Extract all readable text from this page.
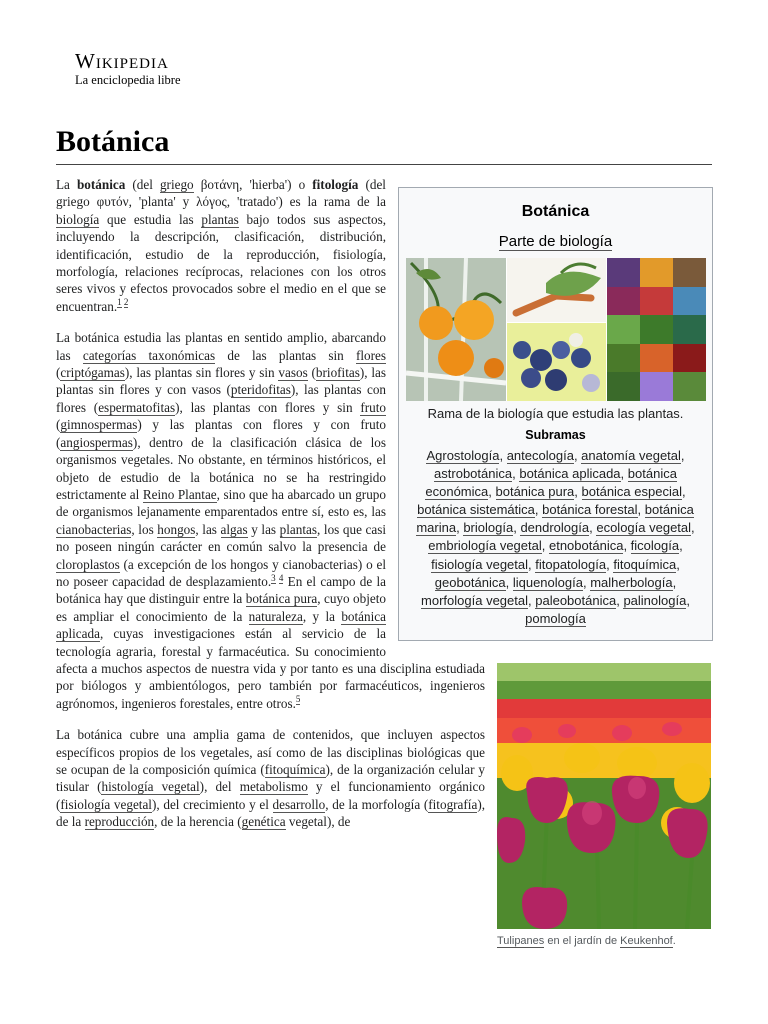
Wikipedia
La enciclopedia libre
Botánica
Botánica
Parte de biología
Rama de la biología que estudia las plantas.
Subramas
Agrostología, antecología, anatomía vegetal, astrobotánica, botánica aplicada, botánica económica, botánica pura, botánica especial, botánica sistemática, botánica forestal, botánica marina, briología, dendrología, ecología vegetal, embriología vegetal, etnobotánica, ficología, fisiología vegetal, fitopatología, fitoquímica, geobotánica, liquenología, malherbología, morfología vegetal, paleobotánica, palinología, pomología
Tulipanes en el jardín de Keukenhof.

La botánica (del griego βοτάνη, 'hierba') o fitología (del griego φυτόν, 'planta' y λόγος, 'tratado') es la rama de la biología que estudia las plantas bajo todos sus aspectos, incluyendo la descripción, clasificación, distribución, identificación, estudio de la reproducción, fisiología, morfología, relaciones recíprocas, relaciones con los otros seres vivos y efectos provocados sobre el medio en el que se encuentran.$^1$ $^2$

La botánica estudia las plantas en sentido amplio, abarcando las categorías taxonómicas de las plantas sin flores (criptógamas), las plantas sin flores y sin vasos (briofitas), las plantas sin flores y con vasos (pteridofitas), las plantas con flores (espermatofitas), las plantas con flores y sin fruto (gimnospermas) y las plantas con flores y con fruto (angiospermas), dentro de la clasificación clásica de los organismos vegetales. No obstante, en términos históricos, el objeto de estudio de la botánica no se ha restringido estrictamente al Reino Plantae, sino que ha abarcado un grupo de organismos lejanamente emparentados entre sí, esto es, las cianobacterias, los hongos, las algas y las plantas, los que casi no poseen ningún carácter en común salvo la presencia de cloroplastos (a excepción de los hongos y cianobacterias) o el no poseer capacidad de desplazamiento.$^3$ $^4$ En el campo de la botánica hay que distinguir entre la botánica pura, cuyo objeto es ampliar el conocimiento de la naturaleza, y la botánica aplicada, cuyas investigaciones están al servicio de la tecnología agraria, forestal y farmacéutica. Su conocimiento afecta a muchos aspectos de nuestra vida y por tanto es una disciplina estudiada por biólogos y ambientólogos, pero también por farmacéuticos, ingenieros agrónomos, ingenieros forestales, entre otros.$^5$

La botánica cubre una amplia gama de contenidos, que incluyen aspectos específicos propios de los vegetales, así como de las disciplinas biológicas que se ocupan de la composición química (fitoquímica), de la organización celular y tisular (histología vegetal), del metabolismo y el funcionamiento orgánico (fisiología vegetal), del crecimiento y el desarrollo, de la morfología (fitografía), de la reproducción, de la herencia (genética vegetal), de
